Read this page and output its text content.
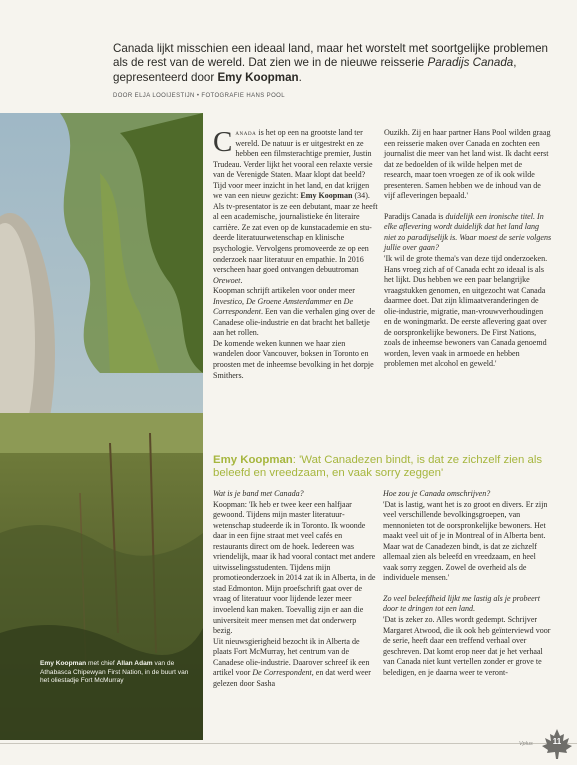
Canada lijkt misschien een ideaal land, maar het worstelt met soortgelijke problemen als de rest van de wereld. Dat zien we in de nieuwe reisserie Paradijs Canada, gepresenteerd door Emy Koopman.
DOOR ELJA LOOIJESTIJN • FOTOGRAFIE HANS POOL
Emy Koopman met chief Allan Adam van de Athabasca Chipewyan First Nation, in de buurt van het oliestadje Fort McMurray

Canada is het op een na grootste land ter wereld. De natuur is er uitgestrekt en ze hebben een filmsterachtige premier, Justin Trudeau. Verder lijkt het vooral een relaxte versie van de Verenigde Staten. Maar klopt dat beeld? Tijd voor meer inzicht in het land, en dat krijgen we van een nieuw gezicht: Emy Koopman (34). Als tv-presentator is ze een debutant, maar ze heeft al een academische, journalistieke én literaire carrière. Ze zat even op de kunstacademie en studeerde literatuurwetenschap en klinische psychologie. Vervolgens promoveerde ze op een onderzoek naar literatuur en empathie. In 2016 verscheen haar goed ontvangen debuutroman Orewoet.

Koopman schrijft artikelen voor onder meer Investico, De Groene Amsterdammer en De Correspondent. Een van die verhalen ging over de Canadese olie-industrie en dat bracht het balletje aan het rollen.

De komende weken kunnen we haar zien wandelen door Vancouver, boksen in Toronto en proosten met de inheemse bevolking in het dorpje Smithers.

Ouzikh. Zij en haar partner Hans Pool wilden graag een reisserie maken over Canada en zochten een journalist die meer van het land wist. Ik dacht eerst dat ze bedoelden of ik wilde helpen met de research, maar toen vroegen ze of ik ook wilde presenteren. Samen hebben we de inhoud van de vijf afleveringen bepaald.'

Paradijs Canada is duidelijk een ironische titel. In elke aflevering wordt duidelijk dat het land lang niet zo paradijselijk is. Waar moest de serie volgens jullie over gaan?

'Ik wil de grote thema's van deze tijd onderzoeken. Hans vroeg zich af of Canada echt zo ideaal is als het lijkt. Dus hebben we een paar belangrijke vraagstukken genomen, en uitgezocht wat Canada daarmee doet. Dat zijn klimaatveranderingen de olie-industrie, migratie, man-vrouwverhoudingen en de woningmarkt. De eerste aflevering gaat over de oorspronkelijke bewoners. De First Nations, zoals de inheemse bewoners van Canada genoemd worden, leven vaak in armoede en hebben problemen met alcohol en geweld.'

Emy Koopman: 'Wat Canadezen bindt, is dat ze zichzelf zien als beleefd en vreedzaam, en vaak sorry zeggen'

Wat is je band met Canada?

Koopman: 'Ik heb er twee keer een halfjaar gewoond. Tijdens mijn master literatuurwetenschap studeerde ik in Toronto. Ik woonde daar in een fijne straat met veel cafés en restaurants direct om de hoek. Iedereen was vriendelijk, maar ik had vooral contact met andere uitwisselingsstudenten. Tijdens mijn promotieonderzoek in 2014 zat ik in Alberta, in de stad Edmonton. Mijn proefschrift gaat over de vraag of literatuur voor lijdende lezer meer invoelend kan maken. Toevallig zijn er aan die universiteit meer mensen met dat onderwerp bezig.

Uit nieuwsgierigheid bezocht ik in Alberta de plaats Fort McMurray, het centrum van de Canadese olie-industrie. Daarover schreef ik een artikel voor De Correspondent, en dat werd weer gelezen door Sasha

Hoe zou je Canada omschrijven?

'Dat is lastig, want het is zo groot en divers. Er zijn veel verschillende bevolkingsgroepen, van mennonieten tot de oorspronkelijke bewoners. Het maakt veel uit of je in Montreal of in Alberta bent. Maar wat de Canadezen bindt, is dat ze zichzelf allemaal zien als beleefd en vreedzaam, en heel vaak sorry zeggen. Zowel de overheid als de individuele mensen.'

Zo veel beleefdheid lijkt me lastig als je probeert door te dringen tot een land.

'Dat is zeker zo. Alles wordt gedempt. Schrijver Margaret Atwood, die ik ook heb geïnterviewd voor de serie, heeft daar een treffend verhaal over geschreven. Dat komt erop neer dat je het verhaal van Canada niet kunt vertellen zonder er grove te beledigen, en je daarna weer te veront-

Vplus	11
